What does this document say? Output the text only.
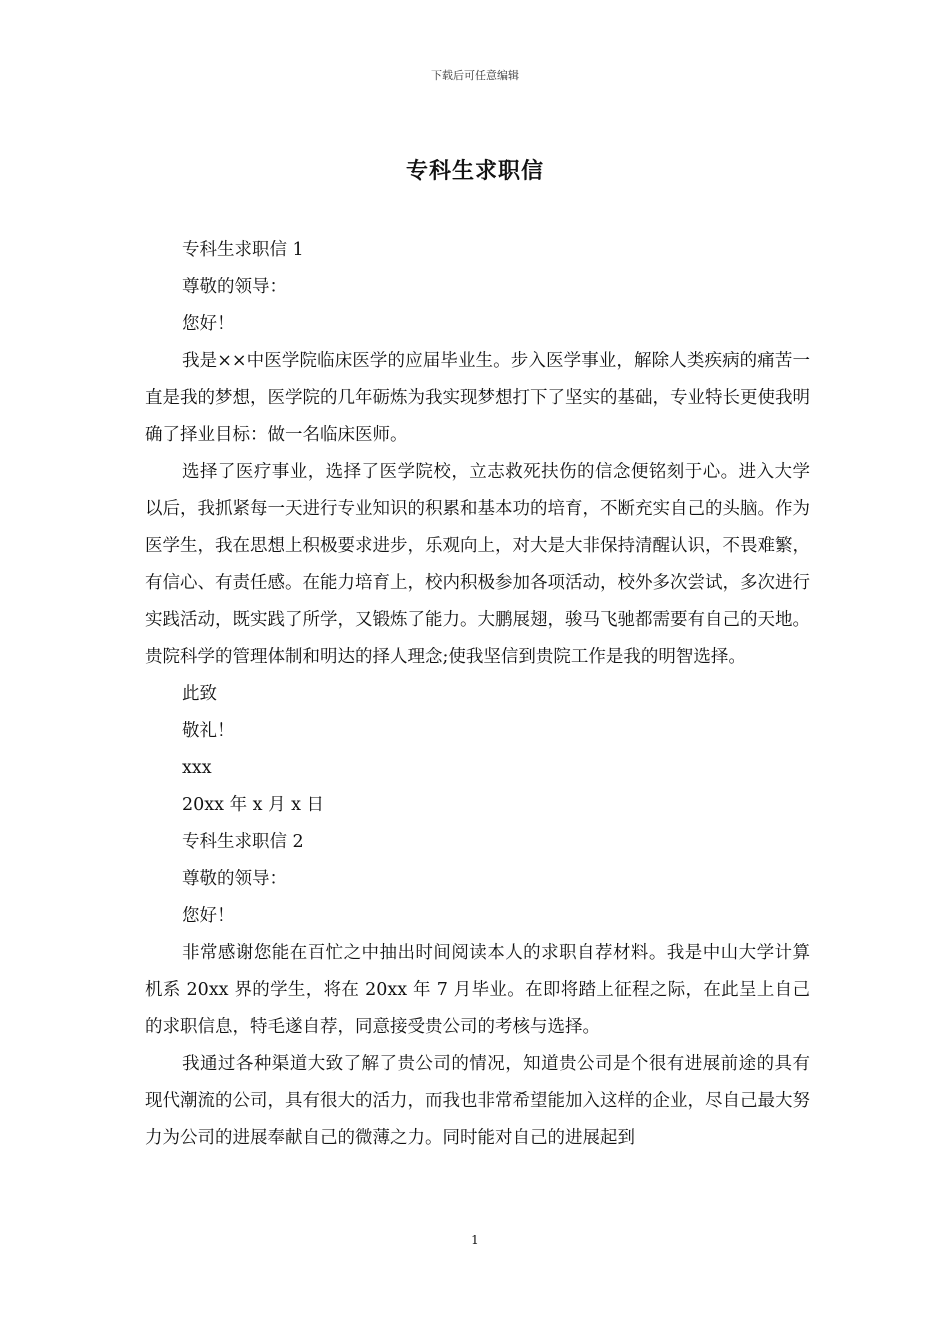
下载后可任意编辑
专科生求职信

专科生求职信 1

尊敬的领导：

您好！

我是××中医学院临床医学的应届毕业生。步入医学事业，解除人类疾病的痛苦一直是我的梦想，医学院的几年砺炼为我实现梦想打下了坚实的基础，专业特长更使我明确了择业目标：做一名临床医师。

选择了医疗事业，选择了医学院校，立志救死扶伤的信念便铭刻于心。进入大学以后，我抓紧每一天进行专业知识的积累和基本功的培育，不断充实自己的头脑。作为医学生，我在思想上积极要求进步，乐观向上，对大是大非保持清醒认识，不畏难繁，有信心、有责任感。在能力培育上，校内积极参加各项活动，校外多次尝试，多次进行实践活动，既实践了所学，又锻炼了能力。大鹏展翅，骏马飞驰都需要有自己的天地。贵院科学的管理体制和明达的择人理念;使我坚信到贵院工作是我的明智选择。

此致

敬礼！

xxx

20xx 年 x 月 x 日

专科生求职信 2

尊敬的领导：

您好！

非常感谢您能在百忙之中抽出时间阅读本人的求职自荐材料。我是中山大学计算机系 20xx 界的学生，将在 20xx 年 7 月毕业。在即将踏上征程之际，在此呈上自己的求职信息，特毛遂自荐，同意接受贵公司的考核与选择。

我通过各种渠道大致了解了贵公司的情况，知道贵公司是个很有进展前途的具有现代潮流的公司，具有很大的活力，而我也非常希望能加入这样的企业，尽自己最大努力为公司的进展奉献自己的微薄之力。同时能对自己的进展起到

1
